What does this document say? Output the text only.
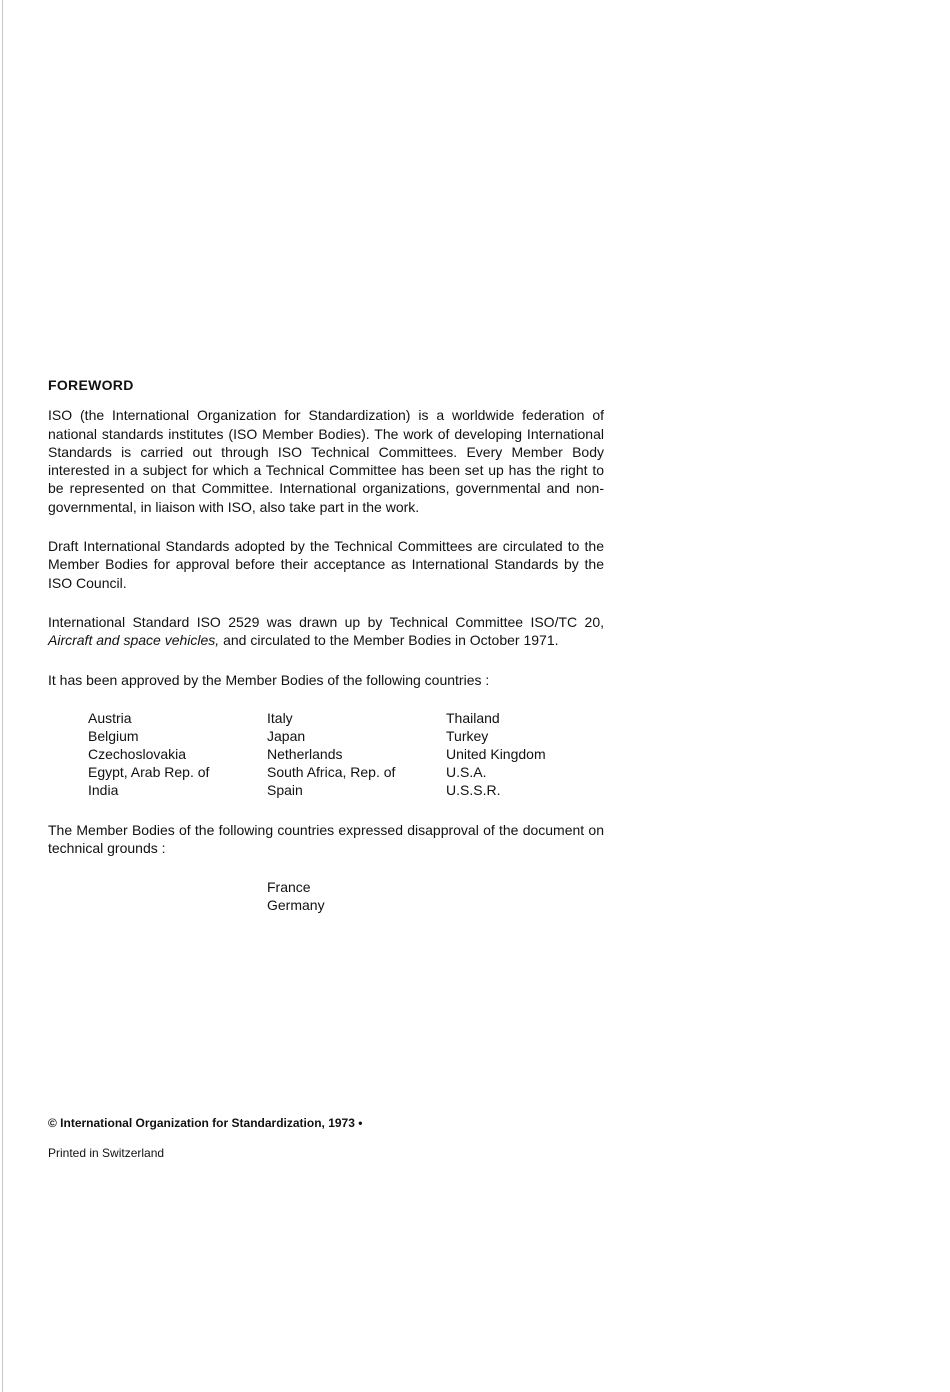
FOREWORD

ISO (the International Organization for Standardization) is a worldwide federation of national standards institutes (ISO Member Bodies). The work of developing International Standards is carried out through ISO Technical Committees. Every Member Body interested in a subject for which a Technical Committee has been set up has the right to be represented on that Committee. International organizations, governmental and non-governmental, in liaison with ISO, also take part in the work.

Draft International Standards adopted by the Technical Committees are circulated to the Member Bodies for approval before their acceptance as International Standards by the ISO Council.

International Standard ISO 2529 was drawn up by Technical Committee ISO/TC 20, Aircraft and space vehicles, and circulated to the Member Bodies in October 1971.

It has been approved by the Member Bodies of the following countries :

Austria
Belgium
Czechoslovakia
Egypt, Arab Rep. of
India
Italy
Japan
Netherlands
South Africa, Rep. of
Spain
Thailand
Turkey
United Kingdom
U.S.A.
U.S.S.R.

The Member Bodies of the following countries expressed disapproval of the document on technical grounds :

France
Germany
© International Organization for Standardization, 1973 •
Printed in Switzerland
